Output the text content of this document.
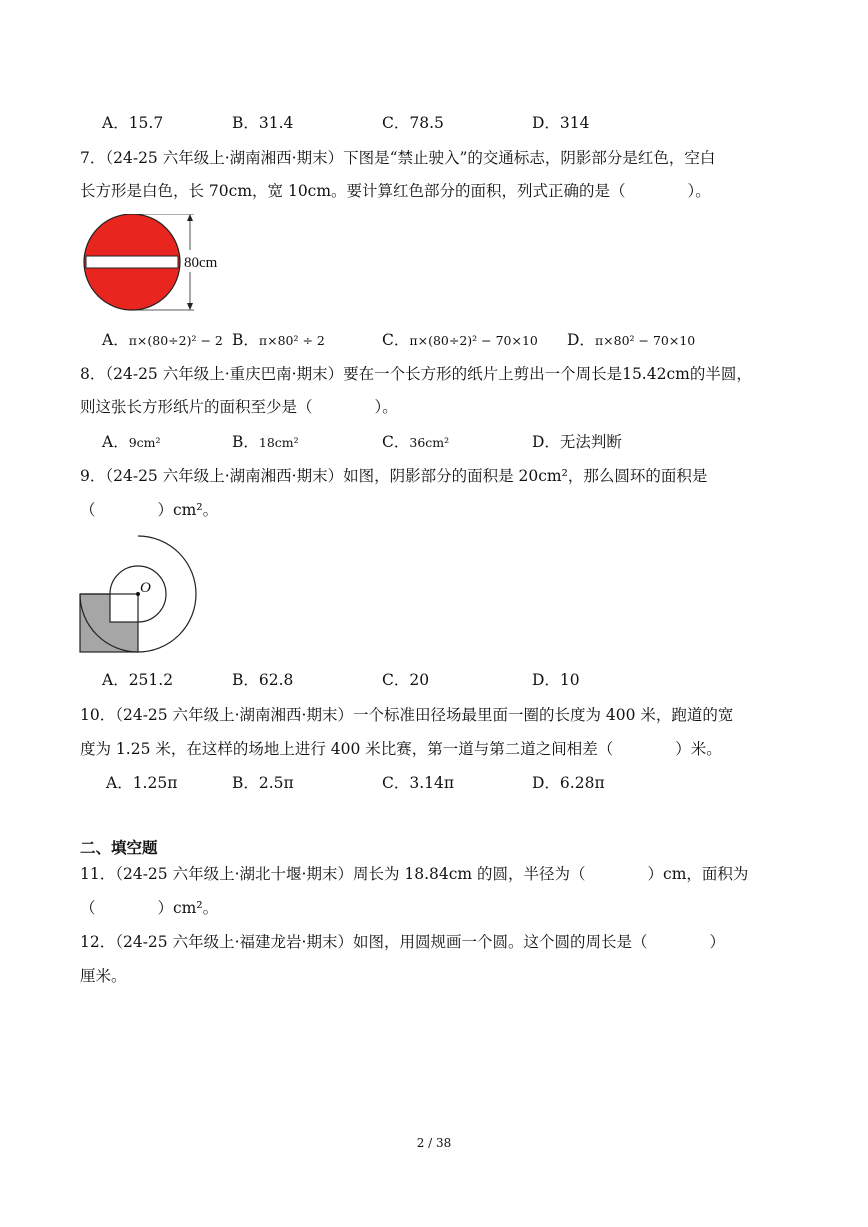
A．15.7	B．31.4	C．78.5	D．314
7．（24-25 六年级上·湖南湘西·期末）下图是“禁止驶入”的交通标志，阴影部分是红色，空白
长方形是白色，长 70cm，宽 10cm。要计算红色部分的面积，列式正确的是（　　　　）。
80cm
A．π×(80÷2)² − 2 B．π×80² ÷ 2	C．π×(80÷2)² − 70×10 D．π×80² − 70×10
8．（24-25 六年级上·重庆巴南·期末）要在一个长方形的纸片上剪出一个周长是15.42cm的半圆，
则这张长方形纸片的面积至少是（　　　　）。
A．9cm²	B．18cm²	C．36cm²	D．无法判断
9．（24-25 六年级上·湖南湘西·期末）如图，阴影部分的面积是 20cm²，那么圆环的面积是
（　　　　）cm²。
O
A．251.2	B．62.8	C．20	D．10
10．（24-25 六年级上·湖南湘西·期末）一个标准田径场最里面一圈的长度为 400 米，跑道的宽
度为 1.25 米，在这样的场地上进行 400 米比赛，第一道与第二道之间相差（　　　　）米。
A．1.25π	B．2.5π	C．3.14π	D．6.28π
二、填空题
11．（24-25 六年级上·湖北十堰·期末）周长为 18.84cm 的圆，半径为（　　　　）cm，面积为
（　　　　）cm²。
12．（24-25 六年级上·福建龙岩·期末）如图，用圆规画一个圆。这个圆的周长是（　　　　）
厘米。
2 / 38
